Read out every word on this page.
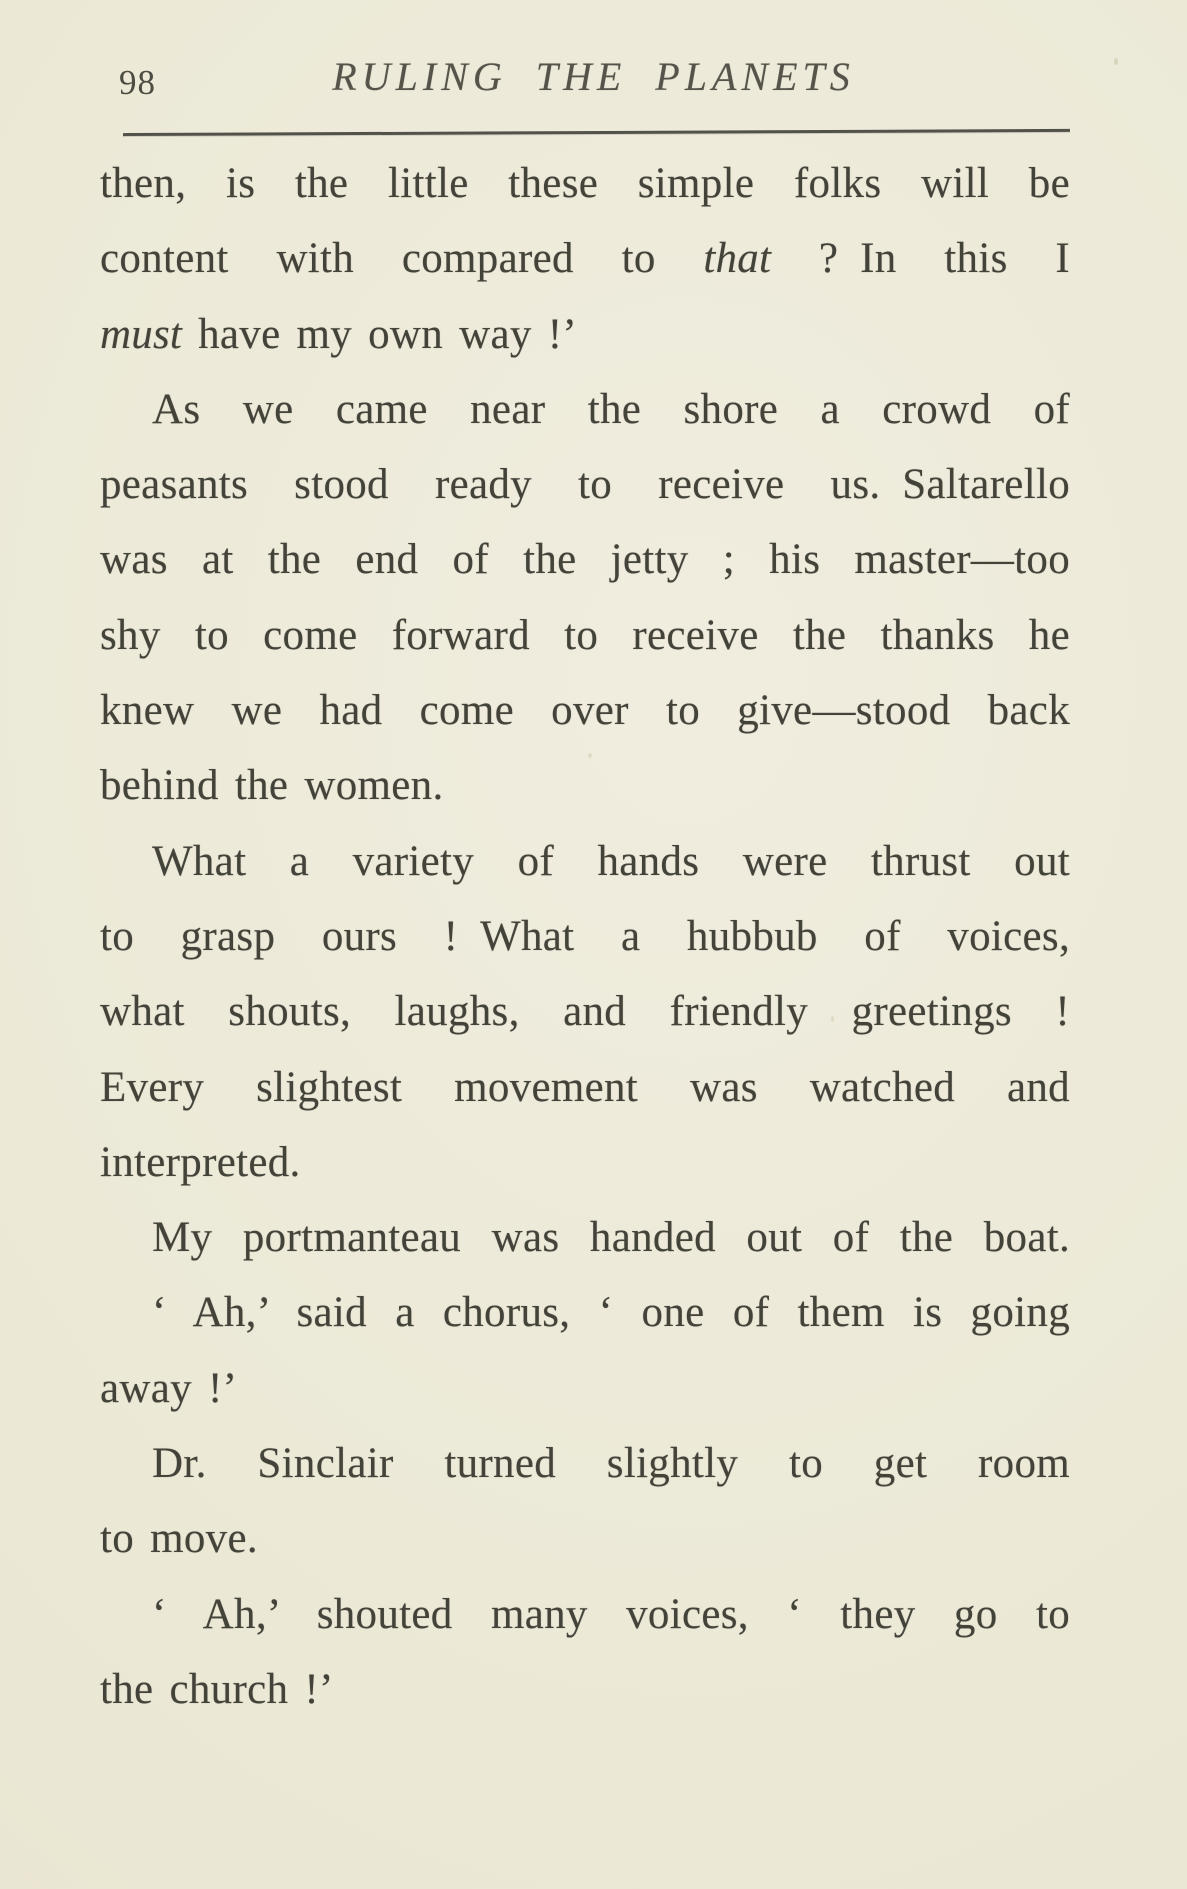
98	RULING THE PLANETS
then, is the little these simple folks will be
content with compared to that ? In this I
must have my own way !’
As we came near the shore a crowd of
peasants stood ready to receive us. Saltarello
was at the end of the jetty ; his master—too
shy to come forward to receive the thanks he
knew we had come over to give—stood back
behind the women.
What a variety of hands were thrust out
to grasp ours ! What a hubbub of voices,
what shouts, laughs, and friendly greetings !
Every slightest movement was watched and
interpreted.
My portmanteau was handed out of the boat.
‘ Ah,’ said a chorus, ‘ one of them is going
away !’
Dr. Sinclair turned slightly to get room
to move.
‘ Ah,’ shouted many voices, ‘ they go to
the church !’
